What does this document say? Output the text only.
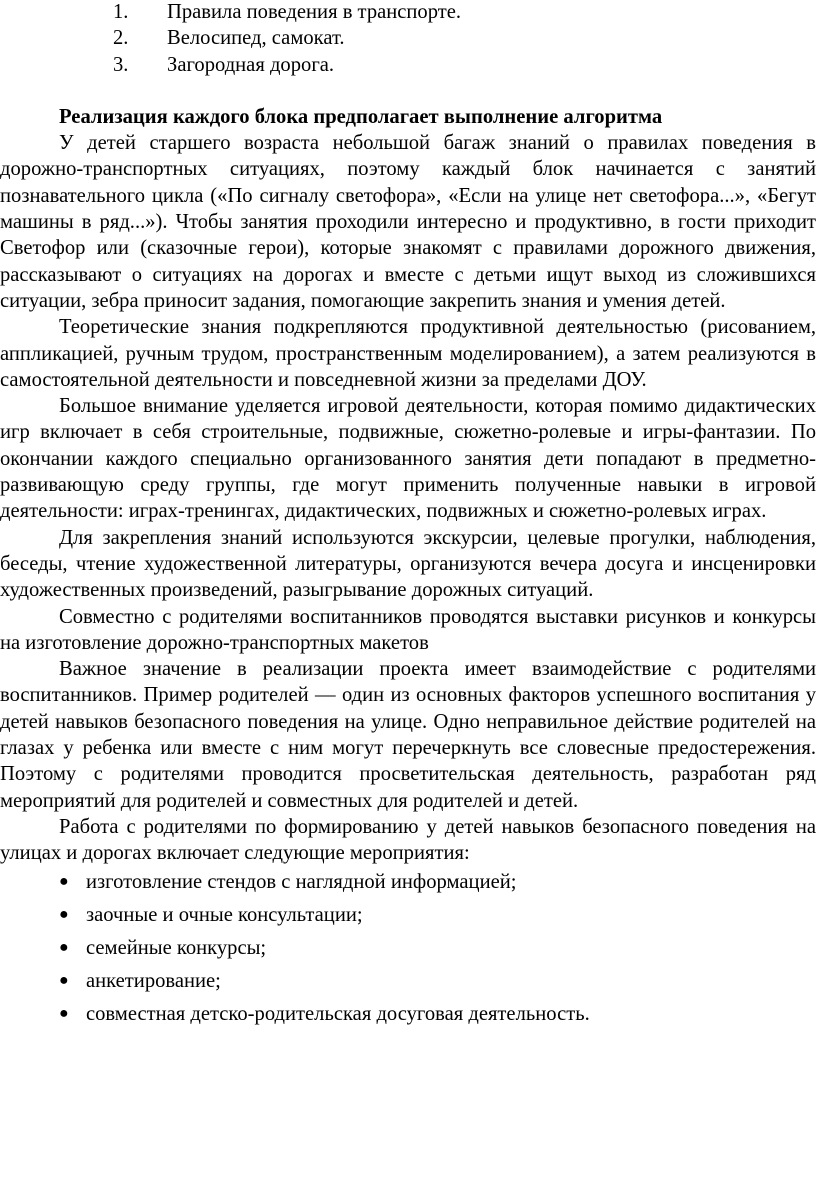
1. Правила поведения в транспорте.
2. Велосипед, самокат.
3. Загородная дорога.
Реализация каждого блока предполагает выполнение алгоритма

У детей старшего возраста небольшой багаж знаний о правилах поведения в дорожно-транспортных ситуациях, поэтому каждый блок начинается с занятий познавательного цикла («По сигналу светофора», «Если на улице нет светофора...», «Бегут машины в ряд...»). Чтобы занятия проходили интересно и продуктивно, в гости приходит Светофор или (сказочные герои), которые знакомят с правилами дорожного движения, рассказывают о ситуациях на дорогах и вместе с детьми ищут выход из сложившихся ситуации, зебра приносит задания, помогающие закрепить знания и умения детей.

Теоретические знания подкрепляются продуктивной деятельностью (рисованием, аппликацией, ручным трудом, пространственным моделированием), а затем реализуются в самостоятельной деятельности и повседневной жизни за пределами ДОУ.

Большое внимание уделяется игровой деятельности, которая помимо дидактических игр включает в себя строительные, подвижные, сюжетно-ролевые и игры-фантазии. По окончании каждого специально организованного занятия дети попадают в предметно-развивающую среду группы, где могут применить полученные навыки в игровой деятельности: играх-тренингах, дидактических, подвижных и сюжетно-ролевых играх.

Для закрепления знаний используются экскурсии, целевые прогулки, наблюдения, беседы, чтение художественной литературы, организуются вечера досуга и инсценировки художественных произведений, разыгрывание дорожных ситуаций.

Совместно с родителями воспитанников проводятся выставки рисунков и конкурсы на изготовление дорожно-транспортных макетов

Важное значение в реализации проекта имеет взаимодействие с родителями воспитанников. Пример родителей — один из основных факторов успешного воспитания у детей навыков безопасного поведения на улице. Одно неправильное действие родителей на глазах у ребенка или вместе с ним могут перечеркнуть все словесные предостережения. Поэтому с родителями проводится просветительская деятельность, разработан ряд мероприятий для родителей и совместных для родителей и детей.

Работа с родителями по формированию у детей навыков безопасного поведения на улицах и дорогах включает следующие мероприятия:

● изготовление стендов с наглядной информацией;
● заочные и очные консультации;
● семейные конкурсы;
● анкетирование;
● совместная детско-родительская досуговая деятельность.
